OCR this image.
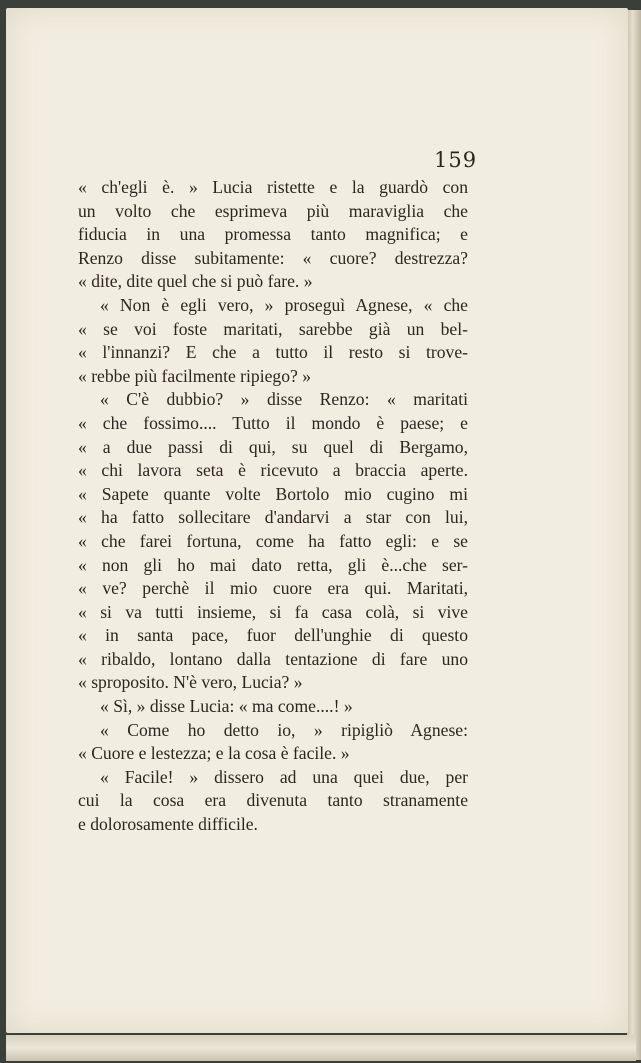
159
« ch'egli è. » Lucia ristette e la guardò con
un volto che esprimeva più maraviglia che
fiducia in una promessa tanto magnifica; e
Renzo disse subitamente: « cuore? destrezza?
« dite, dite quel che si può fare. »
« Non è egli vero, » proseguì Agnese, « che
« se voi foste maritati, sarebbe già un bel-
« l'innanzi? E che a tutto il resto si trove-
« rebbe più facilmente ripiego? »
« C'è dubbio? » disse Renzo: « maritati
« che fossimo.... Tutto il mondo è paese; e
« a due passi di qui, su quel di Bergamo,
« chi lavora seta è ricevuto a braccia aperte.
« Sapete quante volte Bortolo mio cugino mi
« ha fatto sollecitare d'andarvi a star con lui,
« che farei fortuna, come ha fatto egli: e se
« non gli ho mai dato retta, gli è...che ser-
« ve? perchè il mio cuore era qui. Maritati,
« si va tutti insieme, si fa casa colà, si vive
« in santa pace, fuor dell'unghie di questo
« ribaldo, lontano dalla tentazione di fare uno
« sproposito. N'è vero, Lucia? »
« Sì, » disse Lucia: « ma come....! »
« Come ho detto io, » ripigliò Agnese:
« Cuore e lestezza; e la cosa è facile. »
« Facile! » dissero ad una quei due, per
cui la cosa era divenuta tanto stranamente
e dolorosamente difficile.
